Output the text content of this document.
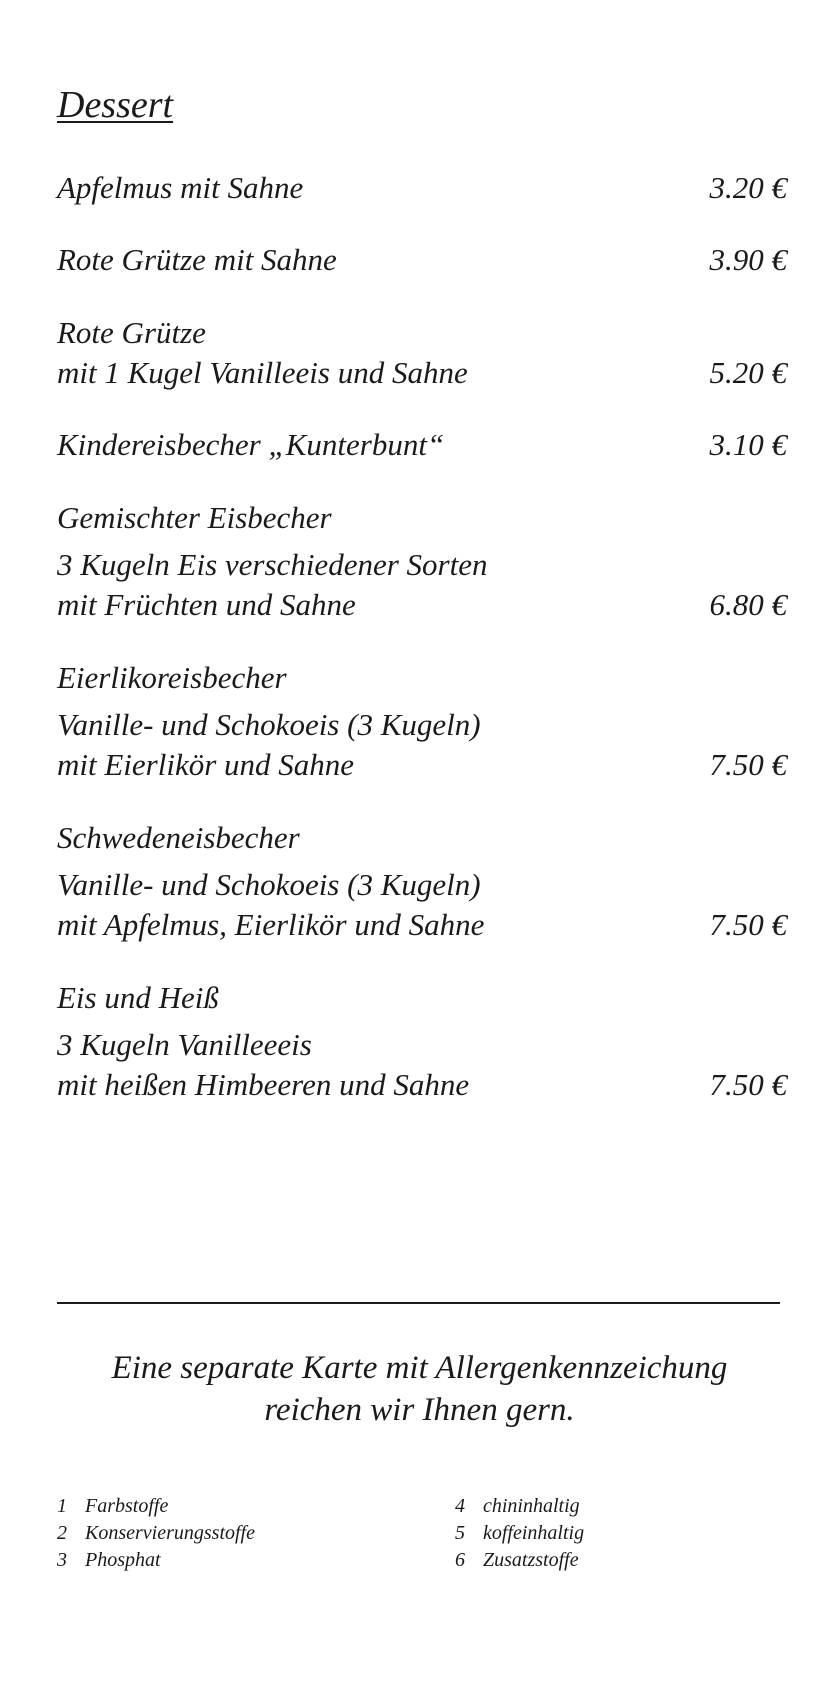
Dessert
Apfelmus mit Sahne	3.20 €
Rote Grütze mit Sahne	3.90 €
Rote Grütze
mit 1 Kugel Vanilleeis und Sahne	5.20 €
Kindereisbecher „Kunterbunt“	3.10 €
Gemischter Eisbecher
3 Kugeln Eis verschiedener Sorten
mit Früchten und Sahne	6.80 €
Eierlikoreisbecher
Vanille- und Schokoeis (3 Kugeln)
mit Eierlikör und Sahne	7.50 €
Schwedeneisbecher
Vanille- und Schokoeis (3 Kugeln)
mit Apfelmus, Eierlikör und Sahne	7.50 €
Eis und Heiß
3 Kugeln Vanilleeeis
mit heißen Himbeeren und Sahne	7.50 €
Eine separate Karte mit Allergenkennzeichung
reichen wir Ihnen gern.
1 Farbstoffe
2 Konservierungsstoffe
3 Phosphat
4 chininhaltig
5 koffeinhaltig
6 Zusatzstoffe
